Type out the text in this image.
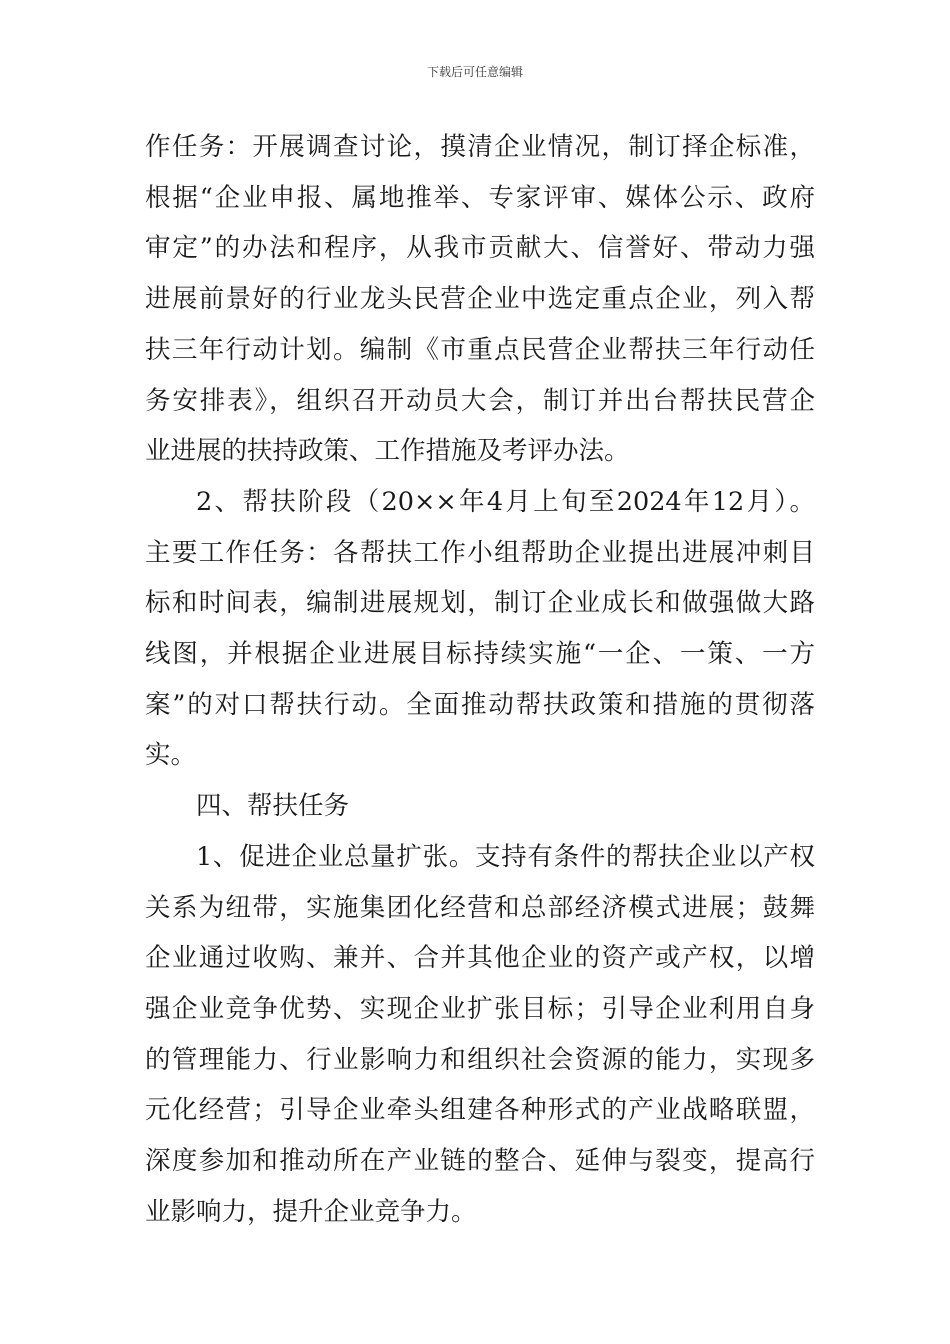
下载后可任意编辑
作任务：开展调查讨论，摸清企业情况，制订择企标准，
根据“企业申报、属地推举、专家评审、媒体公示、政府
审定”的办法和程序，从我市贡献大、信誉好、带动力强
进展前景好的行业龙头民营企业中选定重点企业，列入帮
扶三年行动计划。编制《市重点民营企业帮扶三年行动任
务安排表》，组织召开动员大会，制订并出台帮扶民营企
业进展的扶持政策、工作措施及考评办法。
2、帮扶阶段（20××年4月上旬至2024年12月）。
主要工作任务：各帮扶工作小组帮助企业提出进展冲刺目
标和时间表，编制进展规划，制订企业成长和做强做大路
线图，并根据企业进展目标持续实施“一企、一策、一方
案”的对口帮扶行动。全面推动帮扶政策和措施的贯彻落
实。
四、帮扶任务
1、促进企业总量扩张。支持有条件的帮扶企业以产权
关系为纽带，实施集团化经营和总部经济模式进展；鼓舞
企业通过收购、兼并、合并其他企业的资产或产权，以增
强企业竞争优势、实现企业扩张目标；引导企业利用自身
的管理能力、行业影响力和组织社会资源的能力，实现多
元化经营；引导企业牵头组建各种形式的产业战略联盟，
深度参加和推动所在产业链的整合、延伸与裂变，提高行
业影响力，提升企业竞争力。
